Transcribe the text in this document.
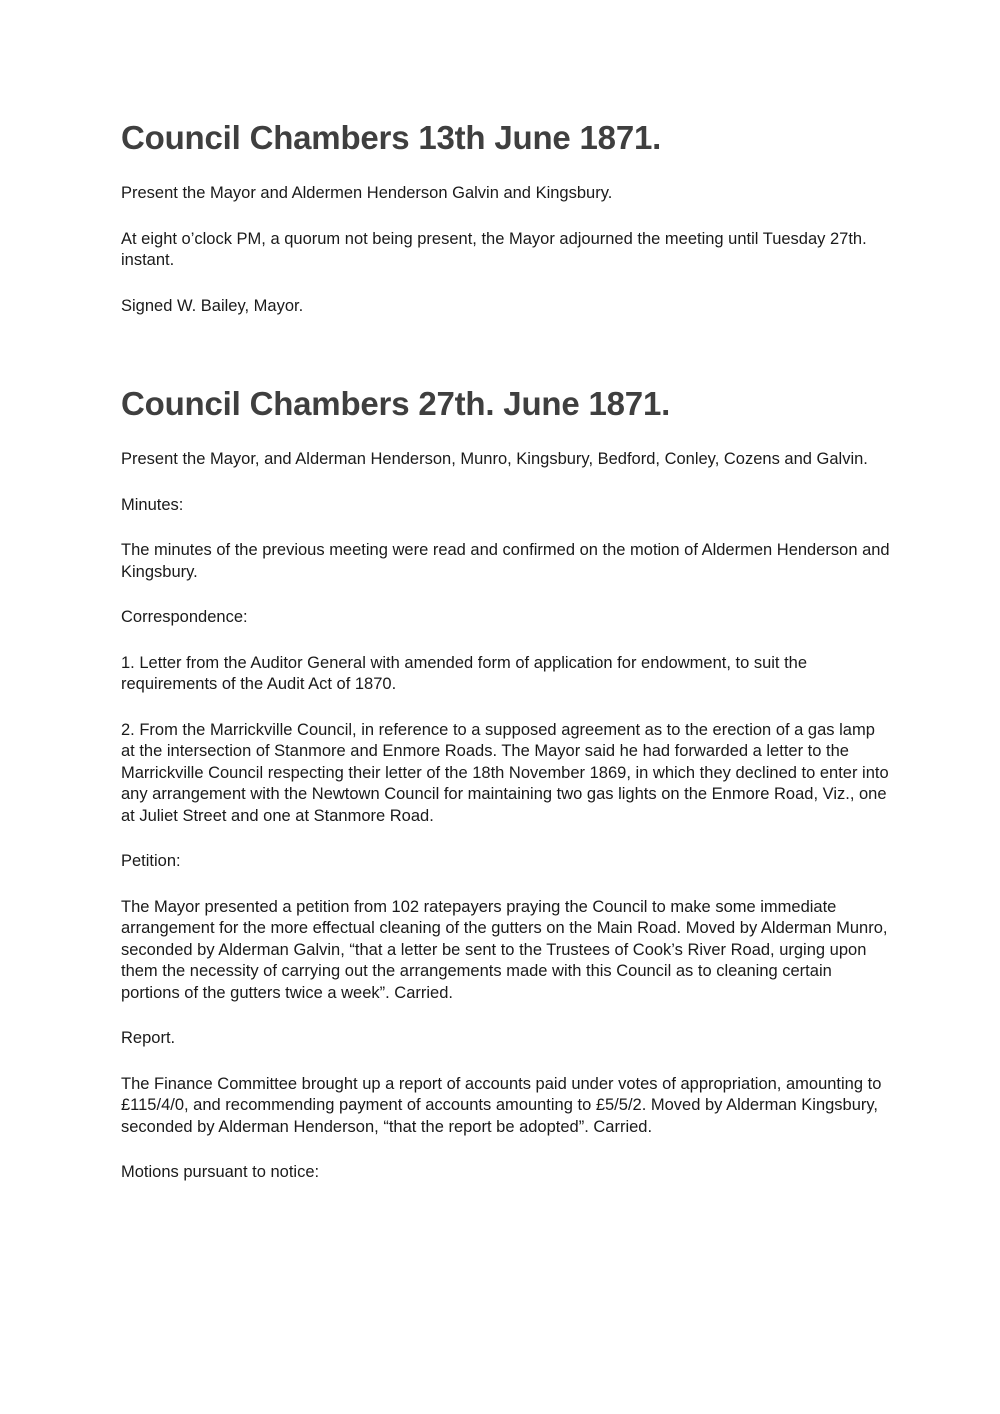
Council Chambers 13th June 1871.

Present the Mayor and Aldermen Henderson Galvin and Kingsbury.

At eight o’clock PM, a quorum not being present, the Mayor adjourned the meeting until Tuesday 27th. instant.

Signed W. Bailey, Mayor.

Council Chambers 27th. June 1871.

Present the Mayor, and Alderman Henderson, Munro, Kingsbury, Bedford, Conley, Cozens and Galvin.

Minutes:

The minutes of the previous meeting were read and confirmed on the motion of Aldermen Henderson and Kingsbury.

Correspondence:

1. Letter from the Auditor General with amended form of application for endowment, to suit the requirements of the Audit Act of 1870.

2. From the Marrickville Council, in reference to a supposed agreement as to the erection of a gas lamp at the intersection of Stanmore and Enmore Roads. The Mayor said he had forwarded a letter to the Marrickville Council respecting their letter of the 18th November 1869, in which they declined to enter into any arrangement with the Newtown Council for maintaining two gas lights on the Enmore Road, Viz., one at Juliet Street and one at Stanmore Road.

Petition:

The Mayor presented a petition from 102 ratepayers praying the Council to make some immediate arrangement for the more effectual cleaning of the gutters on the Main Road. Moved by Alderman Munro, seconded by Alderman Galvin, “that a letter be sent to the Trustees of Cook’s River Road, urging upon them the necessity of carrying out the arrangements made with this Council as to cleaning certain portions of the gutters twice a week”. Carried.

Report.

The Finance Committee brought up a report of accounts paid under votes of appropriation, amounting to £115/4/0, and recommending payment of accounts amounting to £5/5/2. Moved by Alderman Kingsbury, seconded by Alderman Henderson, “that the report be adopted”. Carried.

Motions pursuant to notice:
